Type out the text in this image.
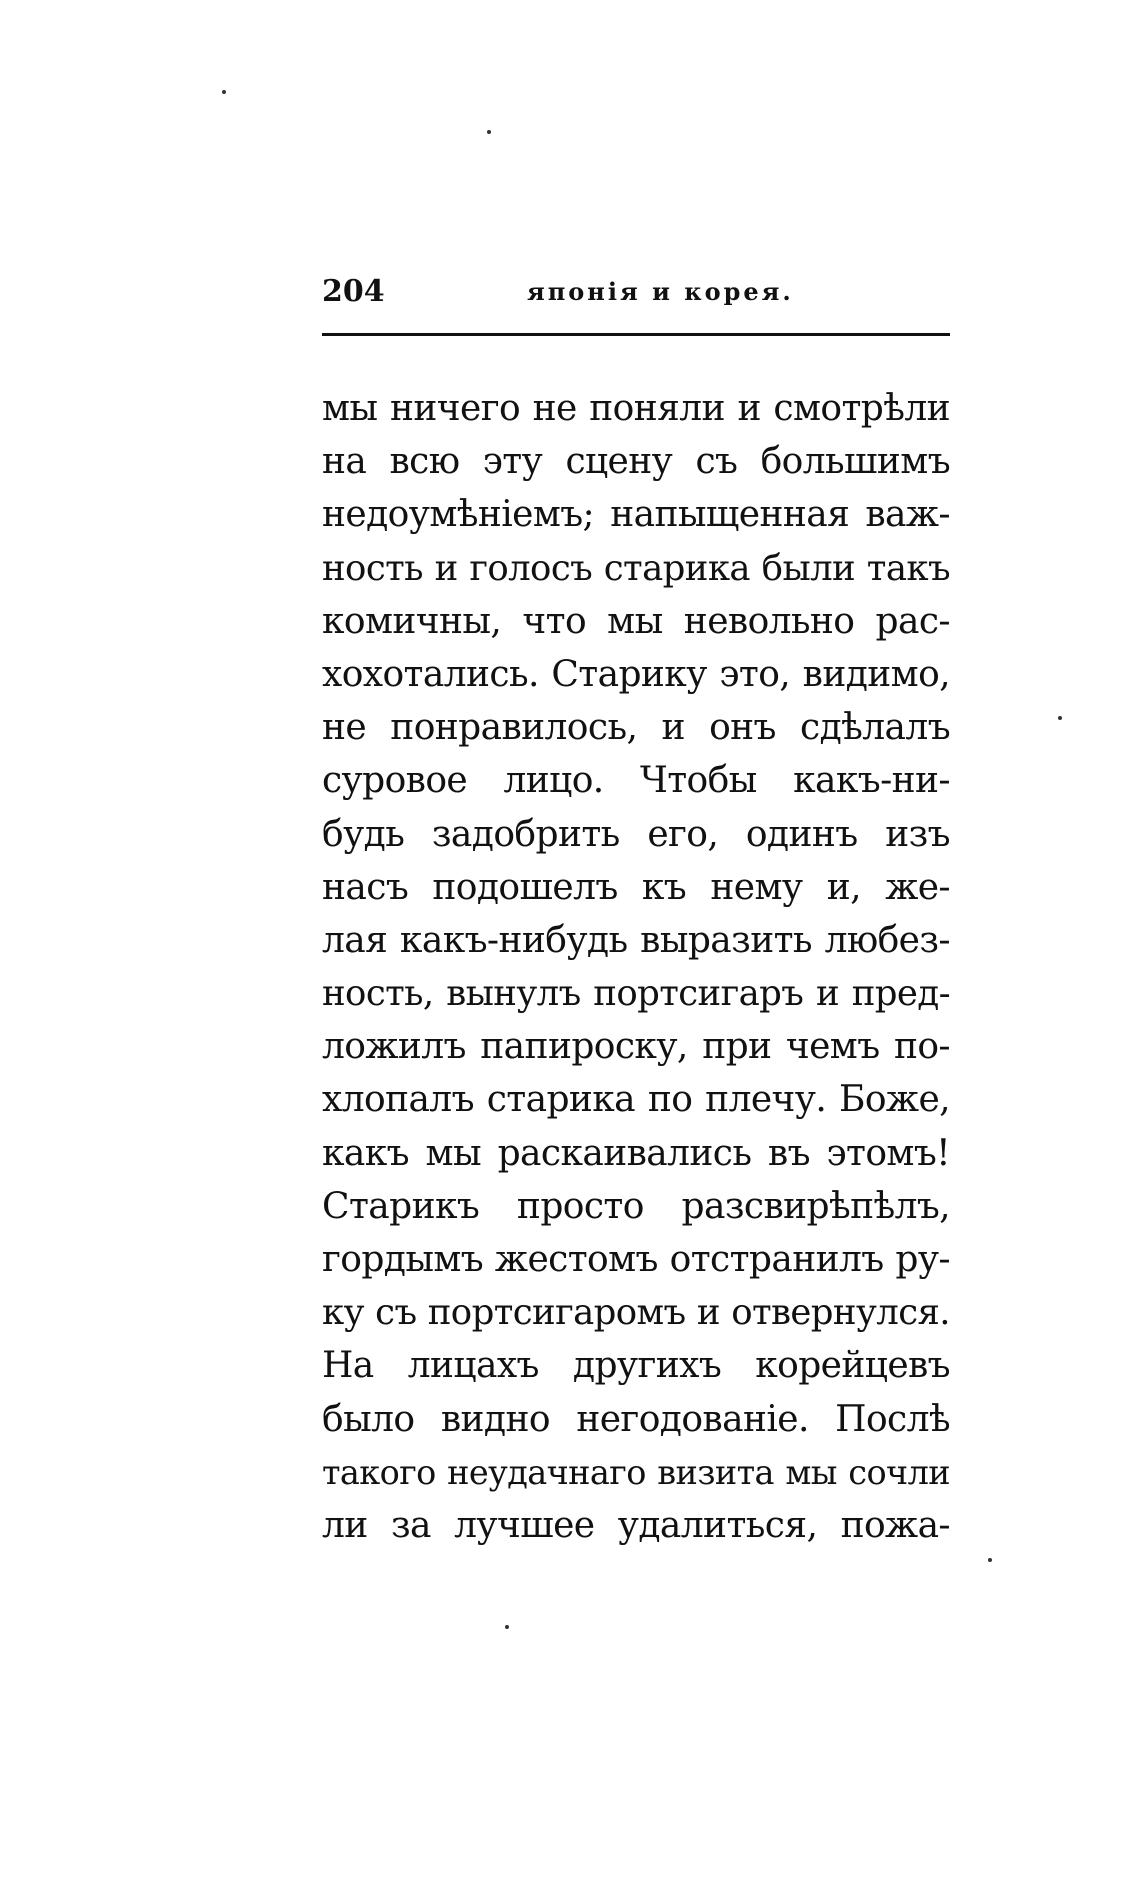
204	японія и корея.
мы ничего не поняли и смотрѣли
на всю эту сцену съ большимъ
недоумѣніемъ; напыщенная важ-
ность и голосъ старика были такъ
комичны, что мы невольно рас-
хохотались. Старику это, видимо,
не понравилось, и онъ сдѣлалъ
суровое лицо. Чтобы какъ-ни-
будь задобрить его, одинъ изъ
насъ подошелъ къ нему и, же-
лая какъ-нибудь выразить любез-
ность, вынулъ портсигаръ и пред-
ложилъ папироску, при чемъ по-
хлопалъ старика по плечу. Боже,
какъ мы раскаивались въ этомъ!
Старикъ просто разсвирѣпѣлъ,
гордымъ жестомъ отстранилъ ру-
ку съ портсигаромъ и отвернулся.
На лицахъ другихъ корейцевъ
было видно негодованіе. Послѣ
такого неудачнаго визита мы сочли
ли за лучшее удалиться, пожа-
